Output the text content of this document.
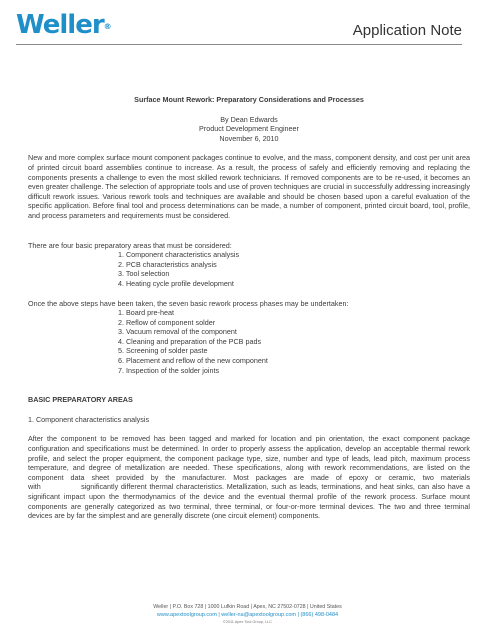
Weller®	Application Note

Surface Mount Rework: Preparatory Considerations and Processes

By Dean Edwards

Product Development Engineer

November 6, 2010

New and more complex surface mount component packages continue to evolve, and the mass, component density, and cost per unit area of printed circuit board assemblies continue to increase. As a result, the process of safely and efficiently removing and replacing the components presents a challenge to even the most skilled rework technicians. If removed components are to be re-used, it becomes an even greater challenge. The selection of appropriate tools and use of proven techniques are crucial in successfully addressing increasingly difficult rework issues. Various rework tools and techniques are available and should be chosen based upon a careful evaluation of the specific application. Before final tool and process determinations can be made, a number of component, printed circuit board, tool, profile, and process parameters and requirements must be considered.

There are four basic preparatory areas that must be considered:

1. Component characteristics analysis
2. PCB characteristics analysis
3. Tool selection
4. Heating cycle profile development

Once the above steps have been taken, the seven basic rework process phases may be undertaken:

1. Board pre-heat
2. Reflow of component solder
3. Vacuum removal of the component
4. Cleaning and preparation of the PCB pads
5. Screening of solder paste
6. Placement and reflow of the new component
7. Inspection of the solder joints

BASIC PREPARATORY AREAS

1. Component characteristics analysis

After the component to be removed has been tagged and marked for location and pin orientation, the exact component package configuration and specifications must be determined. In order to properly assess the application, develop an acceptable thermal rework profile, and select the proper equipment, the component package type, size, number and type of leads, lead pitch, maximum process temperature, and degree of metallization are needed. These specifications, along with rework recommendations, are listed on the component data sheet provided by the manufacturer. Most packages are made of epoxy or ceramic, two materials with	significantly different thermal characteristics. Metallization, such as leads, terminations, and heat sinks, can also have a significant impact upon the thermodynamics of the device and the eventual thermal profile of the rework process. Surface mount components are generally categorized as two terminal, three terminal, or four-or-more terminal devices. The two and three terminal devices are by far the simplest and are generally discrete (one circuit element) components.

Weller | P.O. Box 728 | 1000 Lufkin Road | Apex, NC 27502-0728 | United States
www.apextoolgroup.com | weller-na@apextoolgroup.com | (866) 498-0484
©2011 Apex Tool Group, LLC
